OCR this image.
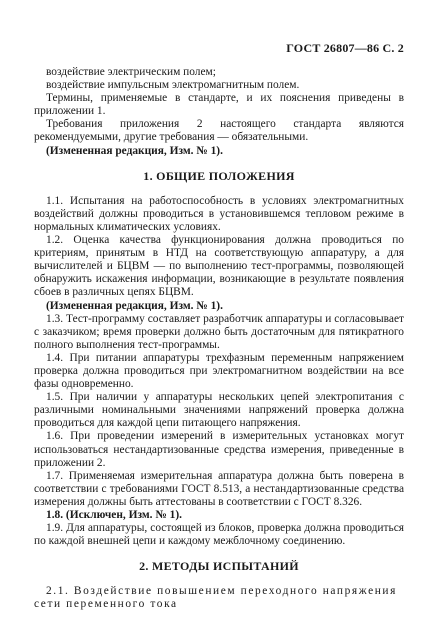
ГОСТ 26807—86 С. 2

воздействие электрическим полем;

воздействие импульсным электромагнитным полем.

Термины, применяемые в стандарте, и их пояснения приведены в приложении 1.

Требования приложения 2 настоящего стандарта являются рекомендуемыми, другие требования — обязательными.

(Измененная редакция, Изм. № 1).

1. ОБЩИЕ ПОЛОЖЕНИЯ

1.1. Испытания на работоспособность в условиях электромагнитных воздействий должны проводиться в установившемся тепловом режиме в нормальных климатических условиях.

1.2. Оценка качества функционирования должна проводиться по критериям, принятым в НТД на соответствующую аппаратуру, а для вычислителей и БЦВМ — по выполнению тест-программы, позволяющей обнаружить искажения информации, возникающие в результате появления сбоев в различных цепях БЦВМ.

(Измененная редакция, Изм. № 1).

1.3. Тест-программу составляет разработчик аппаратуры и согласовывает с заказчиком; время проверки должно быть достаточным для пятикратного полного выполнения тест-программы.

1.4. При питании аппаратуры трехфазным переменным напряжением проверка должна проводиться при электромагнитном воздействии на все фазы одновременно.

1.5. При наличии у аппаратуры нескольких цепей электропитания с различными номинальными значениями напряжений проверка должна проводиться для каждой цепи питающего напряжения.

1.6. При проведении измерений в измерительных установках могут использоваться нестандартизованные средства измерения, приведенные в приложении 2.

1.7. Применяемая измерительная аппаратура должна быть поверена в соответствии с требованиями ГОСТ 8.513, а нестандартизованные средства измерения должны быть аттестованы в соответствии с ГОСТ 8.326.

1.8. (Исключен, Изм. № 1).

1.9. Для аппаратуры, состоящей из блоков, проверка должна проводиться по каждой внешней цепи и каждому межблочному соединению.

2. МЕТОДЫ ИСПЫТАНИЙ

2.1. Воздействие повышением переходного напряжения сети переменного тока
